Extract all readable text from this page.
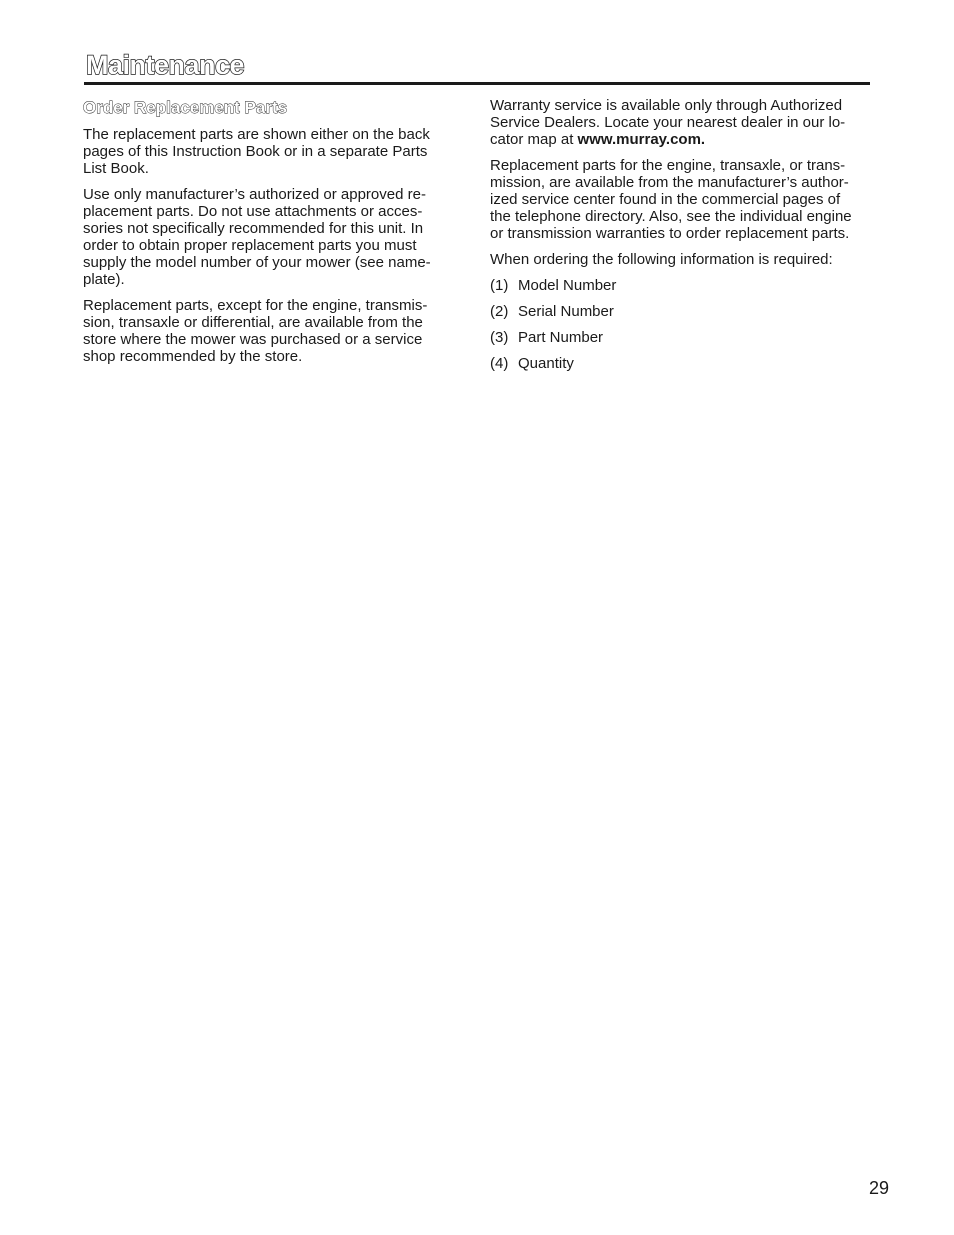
Maintenance
Order Replacement Parts

The replacement parts are shown either on the back pages of this Instruction Book or in a separate Parts List Book.

Use only manufacturer’s authorized or approved re- placement parts. Do not use attachments or acces- sories not specifically recommended for this unit. In order to obtain proper replacement parts you must supply the model number of your mower (see name- plate).

Replacement parts, except for the engine, transmis- sion, transaxle or differential, are available from the store where the mower was purchased or a service shop recommended by the store.

Warranty service is available only through Authorized Service Dealers. Locate your nearest dealer in our lo- cator map at www.murray.com.

Replacement parts for the engine, transaxle, or trans- mission, are available from the manufacturer’s author- ized service center found in the commercial pages of the telephone directory. Also, see the individual engine or transmission warranties to order replacement parts.

When ordering the following information is required:

(1) Model Number
(2) Serial Number
(3) Part Number
(4) Quantity
29
